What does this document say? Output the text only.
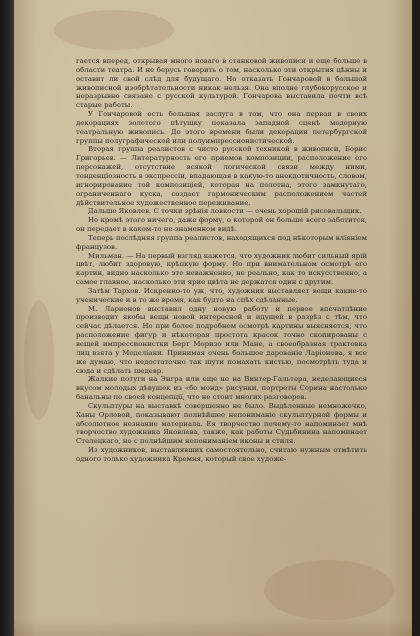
гается вперед, открывая много новаго в станковой живописи и еще больше в области театра. И не берусь говорить о том, насколько эти открытия цѣнны и оставит ли свой слѣд для будущаго. Но отказать Гончаровой в большой живописной изобрѣтательности никак нельзя. Она вполне глубокорусское и неразрывно связано с русской культурой. Гончарова выставила почти всѣ старые работы.

У Гончаровой есть большая заслуга в том, что она первая в своих декорациях золотого пѣтушку показала западной сценѣ модерную театральную живопись. До этого времени были декорации петербургской группы полуграфической или полуимпрессионистической.

Вторая группа реалистов с чисто русской техникой в живописи, Борис Григорьев. — Литературность его приемов композиции, расположение его персонажей, отсутствие всякой логической связи между ними, тенденціозность в экспрессіи, впадающая в какую-то анекдотичность, словом, игнорирование той композиціей, которая на полотна, этого замкнутаго, ограниченнаго куска, создает гармоническим расположением частей дѣйствительное художественное переживание.

Дальше Яковлев. С точки зрѣнія ловкости — очень хорошій рисовальщик.

Но кромѣ этого ничего, даже форму, о которой он больше всего заботится, он передает в каком-то не-знаменном видѣ.

Теперь послѣдняя группа реалистов, находящихся под нѣкоторым вліяніем французов.

Мильман. — На первый взгляд кажется, что художник любит сильный ярій цвѣт, любит здоровую, крѣпкую форму. Но при внимательном осмотрѣ его картин, видно насколько это неважненно, не реально, как то искусственно, а самое главное, насколько эти ярие цвѣта не держатся один с другим.

Затѣм Тархов. Искренно-то уж, что, художник выставляет вещи какие-то ученические и в то же время, как будто на спѣх сдѣланные.

М. Ларионов выставил одну новую работу и первое впечатлѣние производит якобы вещи новой интересной и идущей в разрѣз с тѣм, что сейчас дѣлается. Но при более подробном осмотрѣ картины выясняется, что расположение фигур и нѣкоторая простота красок точно скопированы с вещей импрессионистки Берт Моризо или Мане, а своеобразная трактовка лиц взята у Моделіани. Принимая очень большое дарованіе Ларіонова, я все же думаю, что недостаточно так шути помахать кистью, посмотрѣть туда и сюда и сдѣлать шедевр.

Жалкие потуги на Энгра или еще не на Винтер-Гальтера, неделающиеся вкусом молодых дѣвушек из «бо монд» рисунки, портреты Сорина настолько банальны по своей концепції, что не стоит многих разговоров.

Скульптуры на выставкѣ совершенно не было. Выдѣленные немножечко, Ханы Орловой, показывают полнѣйшее непониманiе скульптурной формы и абсолютное незнание материала. Ея творчество почему-то напоминает мнѣ творчество художника Яковлева, также, как работы Судьбинина напоминает Стелецкаго, но с полнѣйшим непониманіем иконы и стиля.

Из художников, выставлявших самостоятельно, считаю нужным отмѣтить одного только художника Кремня, который свое художе-
